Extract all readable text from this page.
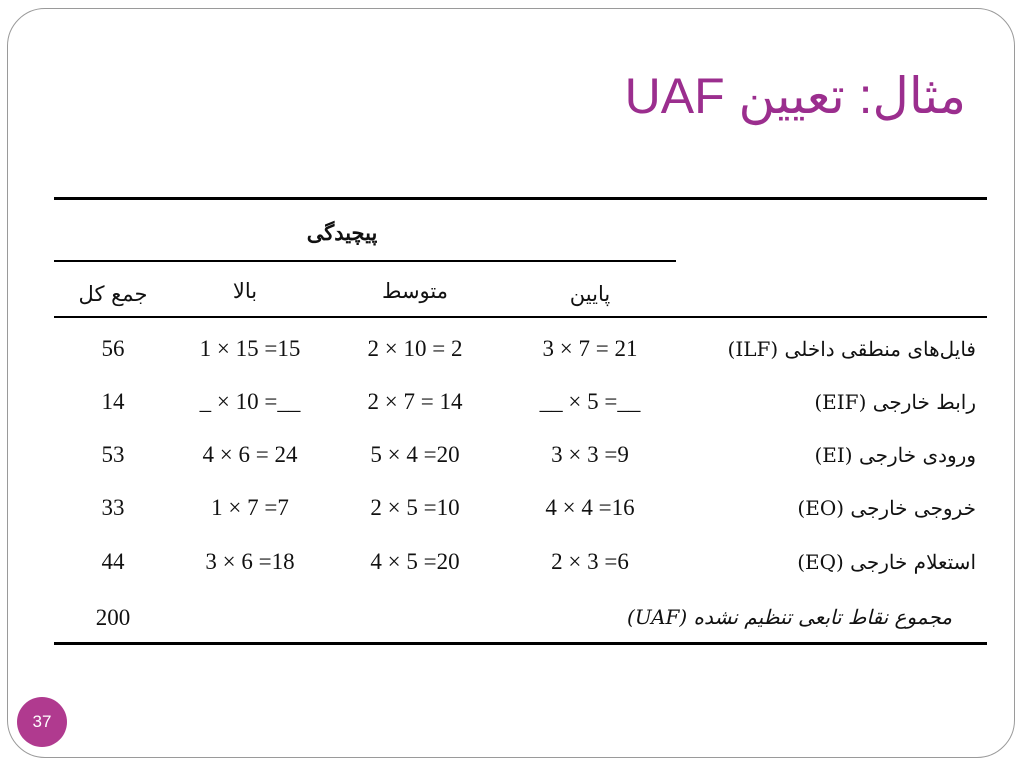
مثال: تعیین UAF
پیچیدگی
پایین
متوسط
بالا
جمع کل
فایل‌های منطقی داخلی (ILF)
3 × 7 = 21
2 × 10 = 2
1 × 15 =15
56
رابط خارجی (EIF)
__ × 5 =__
2 × 7 = 14
_ × 10 =__
14
ورودی خارجی (EI)
3 × 3 =9
5 × 4 =20
4 × 6 = 24
53
خروجی خارجی (EO)
4 × 4 =16
2 × 5 =10
1 × 7 =7
33
استعلام خارجی (EQ)
2 × 3 =6
4 × 5 =20
3 × 6 =18
44
مجموع نقاط تابعی تنظیم نشده (UAF)
200
37
